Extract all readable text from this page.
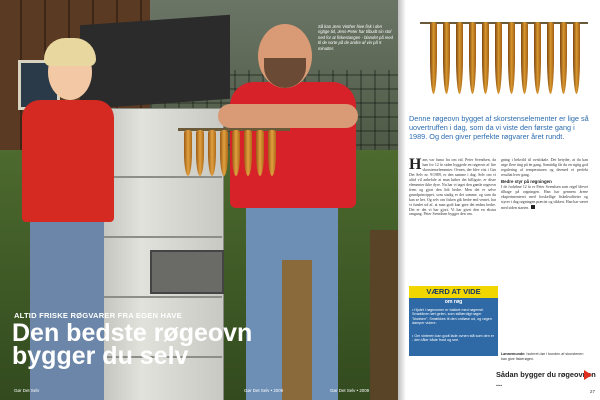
Så kan Jens Vinther hive fisk i den rigtige tid, Jens-Peter har tilbudt sin stol ned for at fiskestangen - blandet på med til de sorte på de andre af vin på 5 minutter.
ALTID FRISKE RØGVARER FRA EGEN HAVE
Den bedste røgeovn
bygger du selv
Gør Det Selv	Gør Det Selv • 2009	Gør Det Selv • 2009
Denne røgeovn bygget af skorstenselementer er lige så uovertruffen i dag, som da vi viste den første gang i 1989. Og den giver perfekte røgvarer året rundt.
Hans var fuma fra om rid. Peter Svendsen, da han for 12 år siden byggede en røgeovn af fire skorstenselementer. Ovnen, der blev vist i Gør Det Selv nr. 9/1989, er den samme i dag. Selv om vi altid vil anbefale at man køber det billigste, er disse elementer ikke dyre. Nu har vi taget den gamle røgeovn frem og gjort den lidt bedre. Men det er selve grundprincippet, som stadig er det samme, og som du kan se her. Og selv om fisken gik bedre end ventet, har vi fundet ud af, at man godt kan gøre det endnu bedre. Det er det vi har gjort. Vi har givet den en ekstra omgang. Peter Svendsen bygger den om.
gning i bekvild til ovnlokale. Det betyder, at du kan røge flere ting på én gang. Samtidig får du en rigtig god regulering af temperaturen og dermed et perfekt resultat hver gang.
Bedre styr på røgningen
I de forløbne 12 år er Peter Svendsen som regel blevet tilbage på røgningen. Han har gennem årene eksperimenteret med forskellige fiskekvaliteter og styrer i dag røgningen præcist og sikkert. Han har været med siden starten.
VÆRD AT VIDE
om røg
• Hjulet i røgeovnen er bakket med røgemel. Smøklinen tæl gelen, som stilfærdigt røger "klodsen". Smækkes til den ordløse ud, og røgen damper videre.
• Om vinteren kan godt lade ovnen stå som den er - den tåler både frost og sne.
Lønnemunde: Isoleret dør i bunden af skorstenen kan give fiskerøgen.
Sådan bygger du røgeovnen ...
27
